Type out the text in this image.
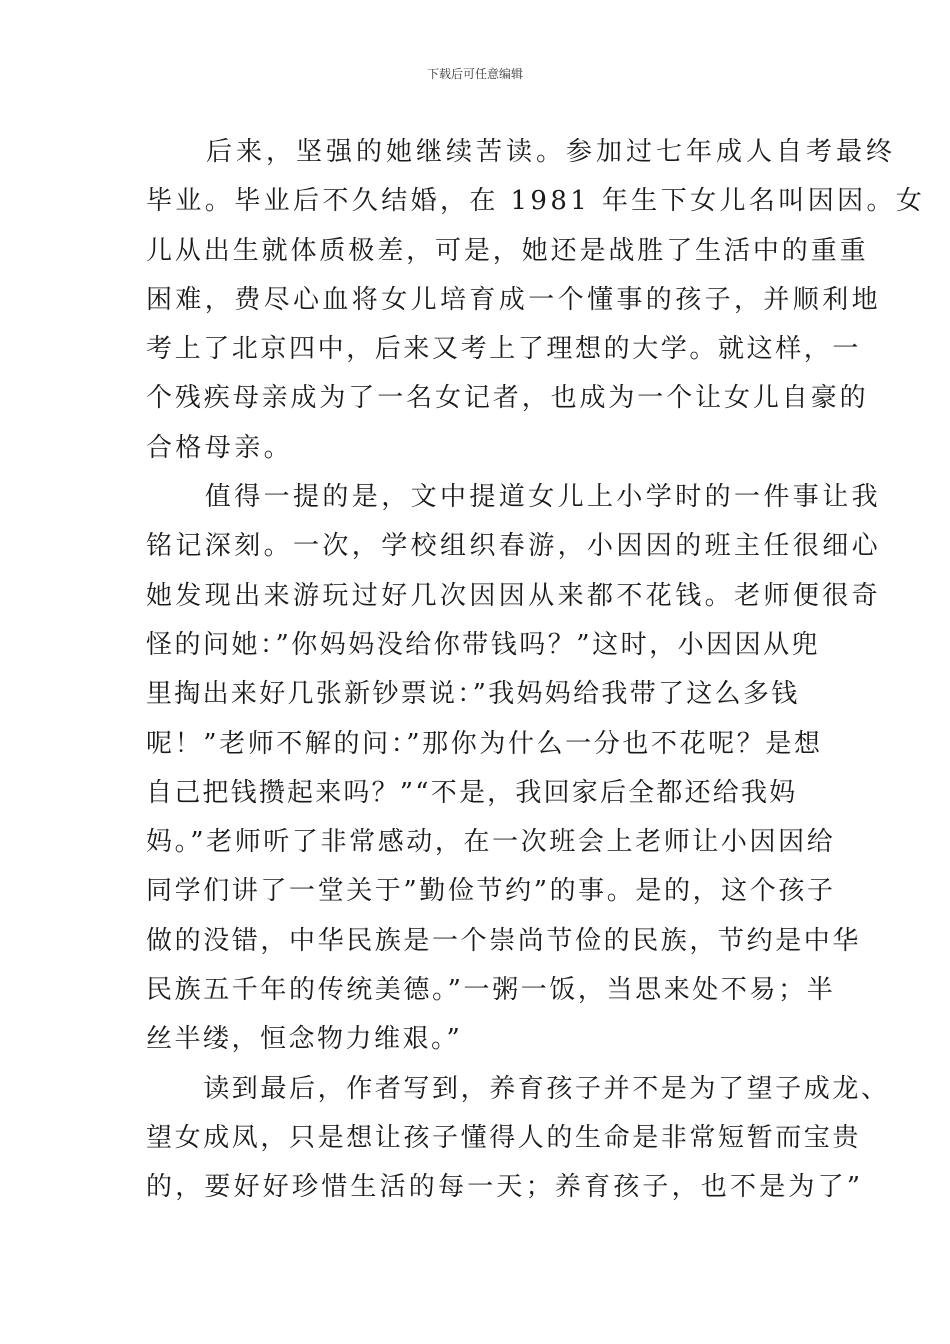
下载后可任意编辑
　　后来，坚强的她继续苦读。参加过七年成人自考最终
毕业。毕业后不久结婚，在 1981 年生下女儿名叫因因。女
儿从出生就体质极差，可是，她还是战胜了生活中的重重
困难，费尽心血将女儿培育成一个懂事的孩子，并顺利地
考上了北京四中，后来又考上了理想的大学。就这样，一
个残疾母亲成为了一名女记者，也成为一个让女儿自豪的
合格母亲。
　　值得一提的是，文中提道女儿上小学时的一件事让我
铭记深刻。一次，学校组织春游，小因因的班主任很细心
她发现出来游玩过好几次因因从来都不花钱。老师便很奇
怪的问她：”你妈妈没给你带钱吗？”这时，小因因从兜
里掏出来好几张新钞票说：”我妈妈给我带了这么多钱
呢！”老师不解的问：”那你为什么一分也不花呢？是想
自己把钱攒起来吗？”“不是，我回家后全都还给我妈
妈。”老师听了非常感动，在一次班会上老师让小因因给
同学们讲了一堂关于”勤俭节约”的事。是的，这个孩子
做的没错，中华民族是一个崇尚节俭的民族，节约是中华
民族五千年的传统美德。”一粥一饭，当思来处不易；半
丝半缕，恒念物力维艰。”
　　读到最后，作者写到，养育孩子并不是为了望子成龙、
望女成凤，只是想让孩子懂得人的生命是非常短暂而宝贵
的，要好好珍惜生活的每一天；养育孩子，也不是为了”
